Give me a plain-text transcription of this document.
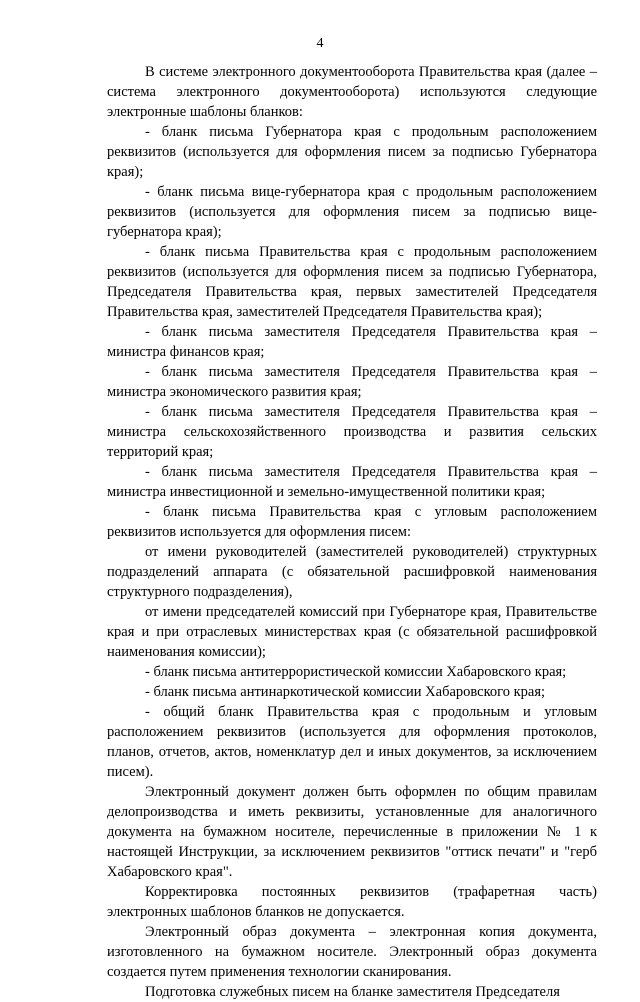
4

В системе электронного документооборота Правительства края (далее – система электронного документооборота) используются следующие электронные шаблоны бланков:

- бланк письма Губернатора края с продольным расположением реквизитов (используется для оформления писем за подписью Губернатора края);

- бланк письма вице-губернатора края с продольным расположением реквизитов (используется для оформления писем за подписью вице-губернатора края);

- бланк письма Правительства края с продольным расположением реквизитов (используется для оформления писем за подписью Губернатора, Председателя Правительства края, первых заместителей Председателя Правительства края, заместителей Председателя Правительства края);

- бланк письма заместителя Председателя Правительства края – министра финансов края;

- бланк письма заместителя Председателя Правительства края – министра экономического развития края;

- бланк письма заместителя Председателя Правительства края – министра сельскохозяйственного производства и развития сельских территорий края;

- бланк письма заместителя Председателя Правительства края – министра инвестиционной и земельно-имущественной политики края;

- бланк письма Правительства края с угловым расположением реквизитов используется для оформления писем:

от имени руководителей (заместителей руководителей) структурных подразделений аппарата (с обязательной расшифровкой наименования структурного подразделения),

от имени председателей комиссий при Губернаторе края, Правительстве края и при отраслевых министерствах края (с обязательной расшифровкой наименования комиссии);

- бланк письма антитеррористической комиссии Хабаровского края;

- бланк письма антинаркотической комиссии Хабаровского края;

- общий бланк Правительства края с продольным и угловым расположением реквизитов (используется для оформления протоколов, планов, отчетов, актов, номенклатур дел и иных документов, за исключением писем).

Электронный документ должен быть оформлен по общим правилам делопроизводства и иметь реквизиты, установленные для аналогичного документа на бумажном носителе, перечисленные в приложении № 1 к настоящей Инструкции, за исключением реквизитов "оттиск печати" и "герб Хабаровского края".

Корректировка постоянных реквизитов (трафаретная часть) электронных шаблонов бланков не допускается.

Электронный образ документа – электронная копия документа, изготовленного на бумажном носителе. Электронный образ документа создается путем применения технологии сканирования.

Подготовка служебных писем на бланке заместителя Председателя
